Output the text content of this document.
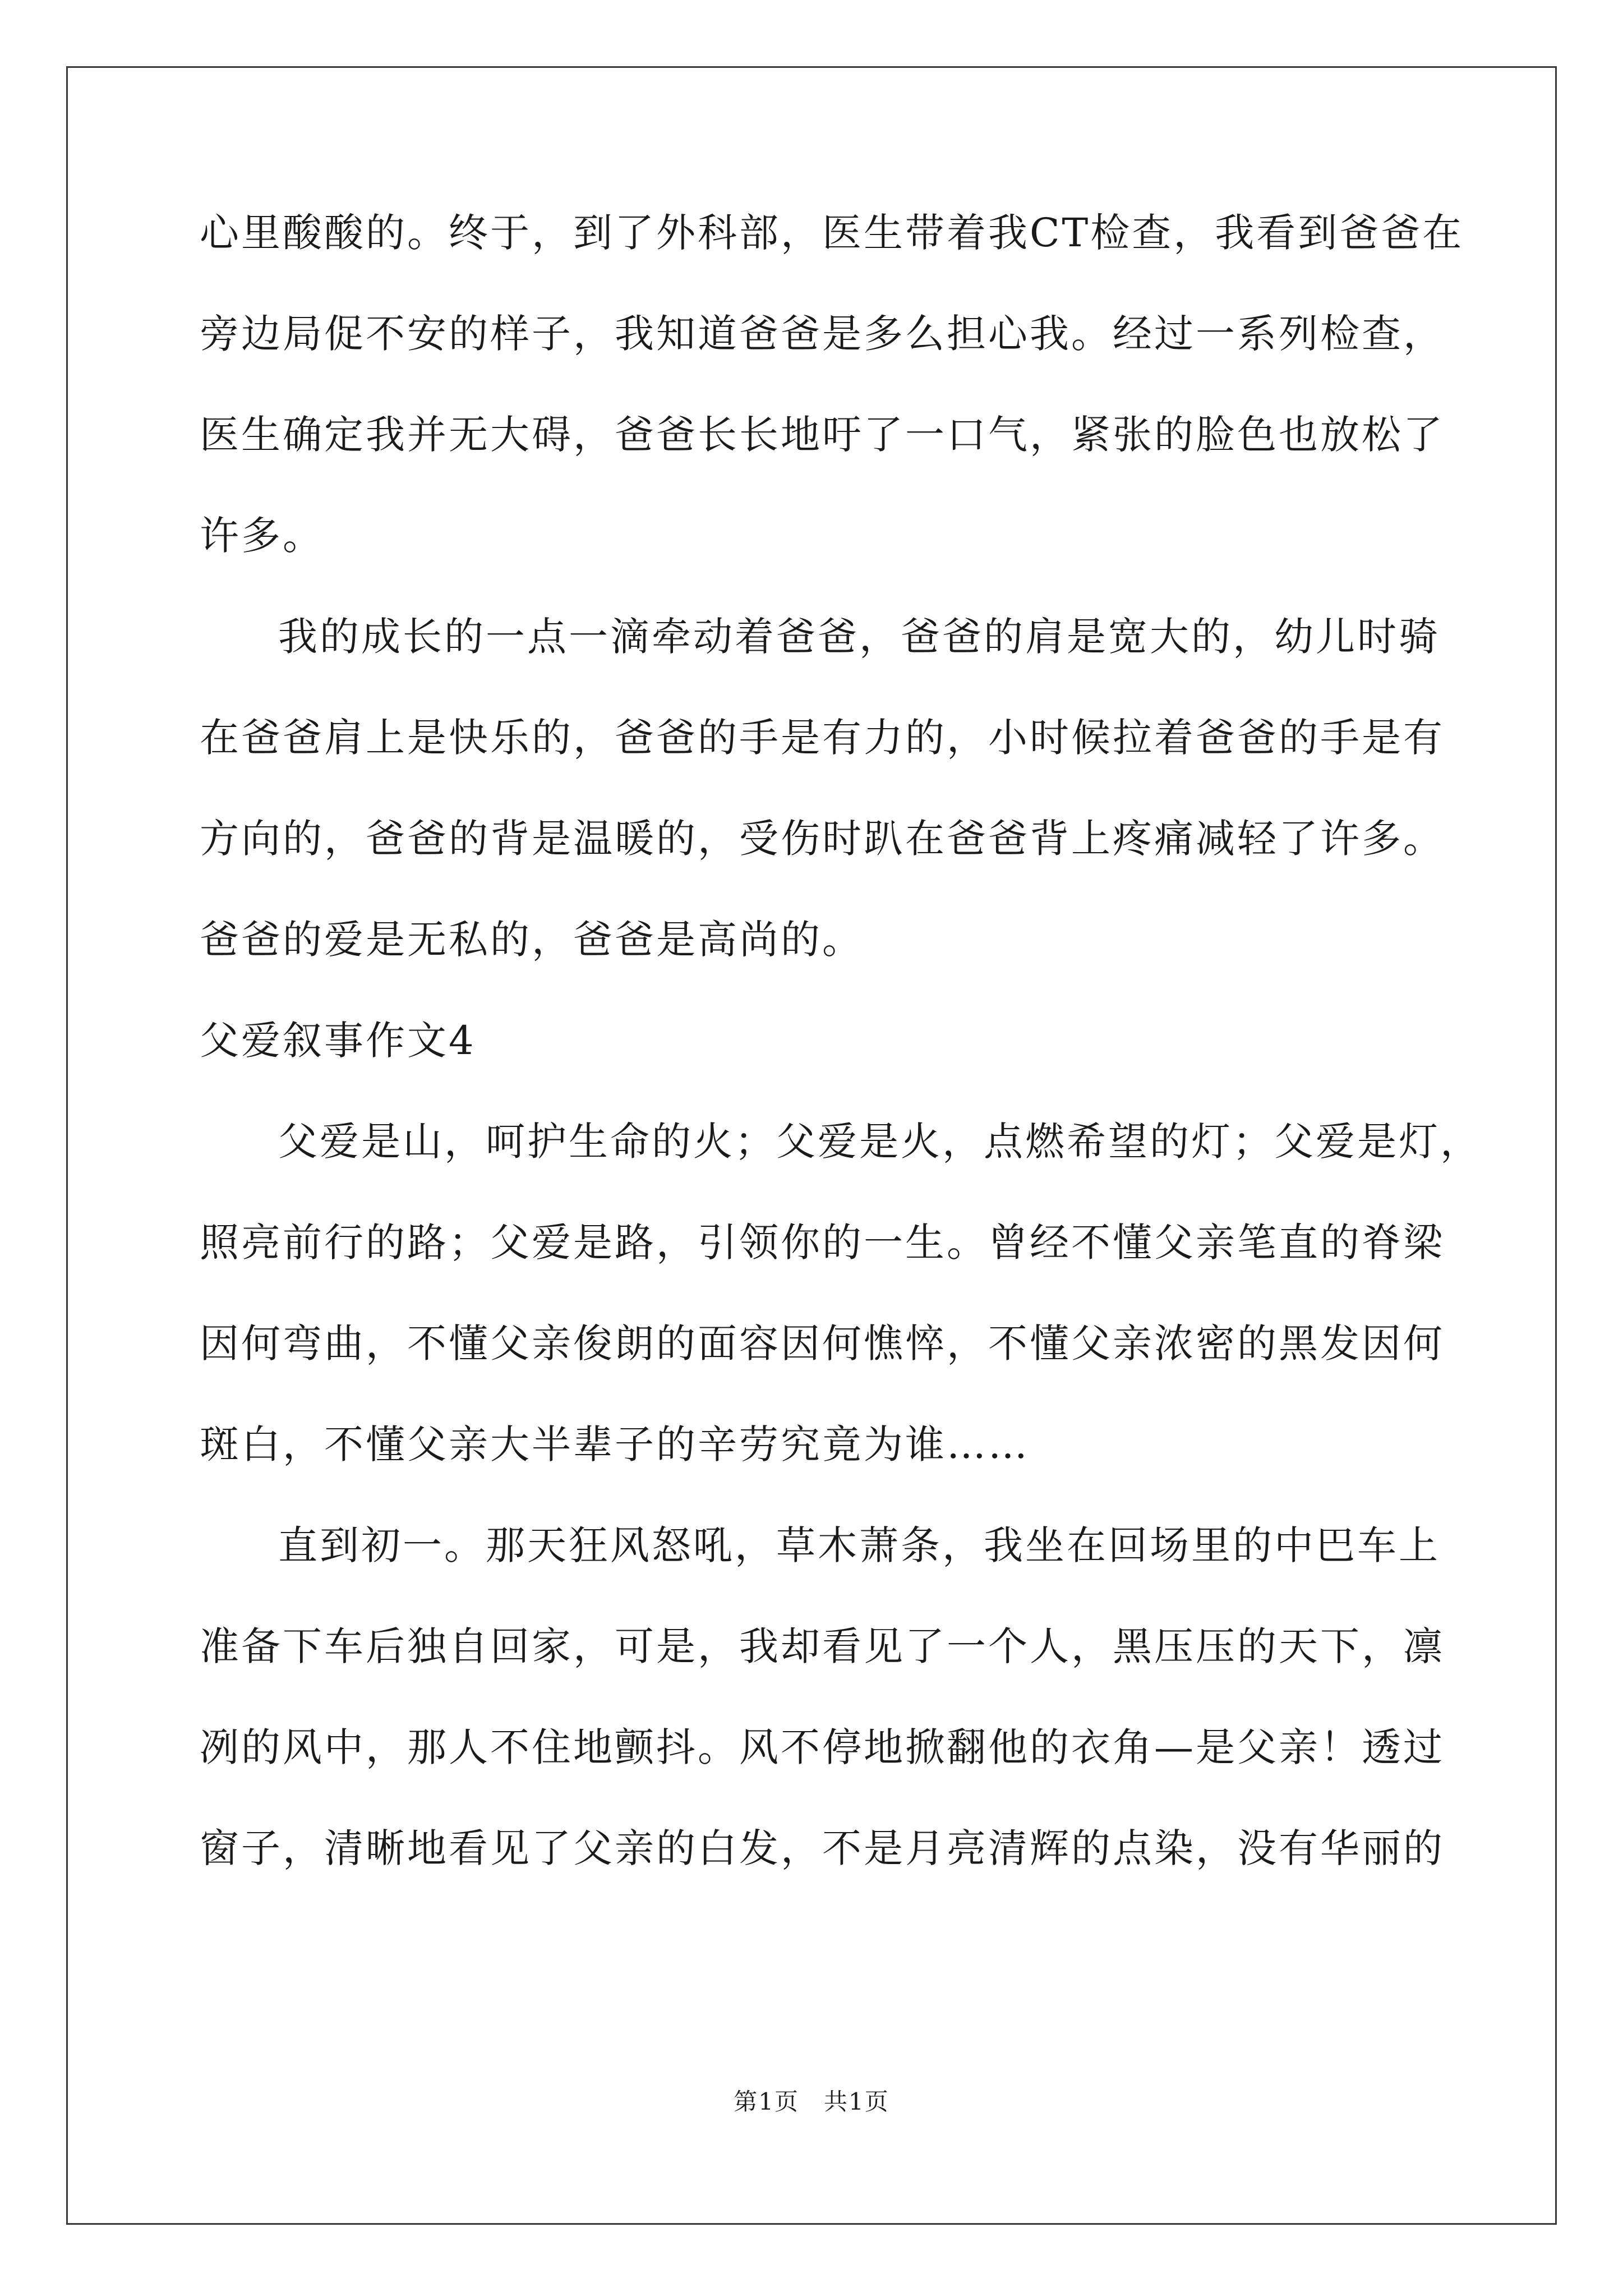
心里酸酸的。终于，到了外科部，医生带着我CT检查，我看到爸爸在
旁边局促不安的样子，我知道爸爸是多么担心我。经过一系列检查，
医生确定我并无大碍，爸爸长长地吁了一口气，紧张的脸色也放松了
许多。
我的成长的一点一滴牵动着爸爸，爸爸的肩是宽大的，幼儿时骑
在爸爸肩上是快乐的，爸爸的手是有力的，小时候拉着爸爸的手是有
方向的，爸爸的背是温暖的，受伤时趴在爸爸背上疼痛减轻了许多。
爸爸的爱是无私的，爸爸是高尚的。
父爱叙事作文4
父爱是山，呵护生命的火；父爱是火，点燃希望的灯；父爱是灯，
照亮前行的路；父爱是路，引领你的一生。曾经不懂父亲笔直的脊梁
因何弯曲，不懂父亲俊朗的面容因何憔悴，不懂父亲浓密的黑发因何
斑白，不懂父亲大半辈子的辛劳究竟为谁……
直到初一。那天狂风怒吼，草木萧条，我坐在回场里的中巴车上
准备下车后独自回家，可是，我却看见了一个人，黑压压的天下，凛
冽的风中，那人不住地颤抖。风不停地掀翻他的衣角—是父亲！透过
窗子，清晰地看见了父亲的白发，不是月亮清辉的点染，没有华丽的
第1页　共1页
